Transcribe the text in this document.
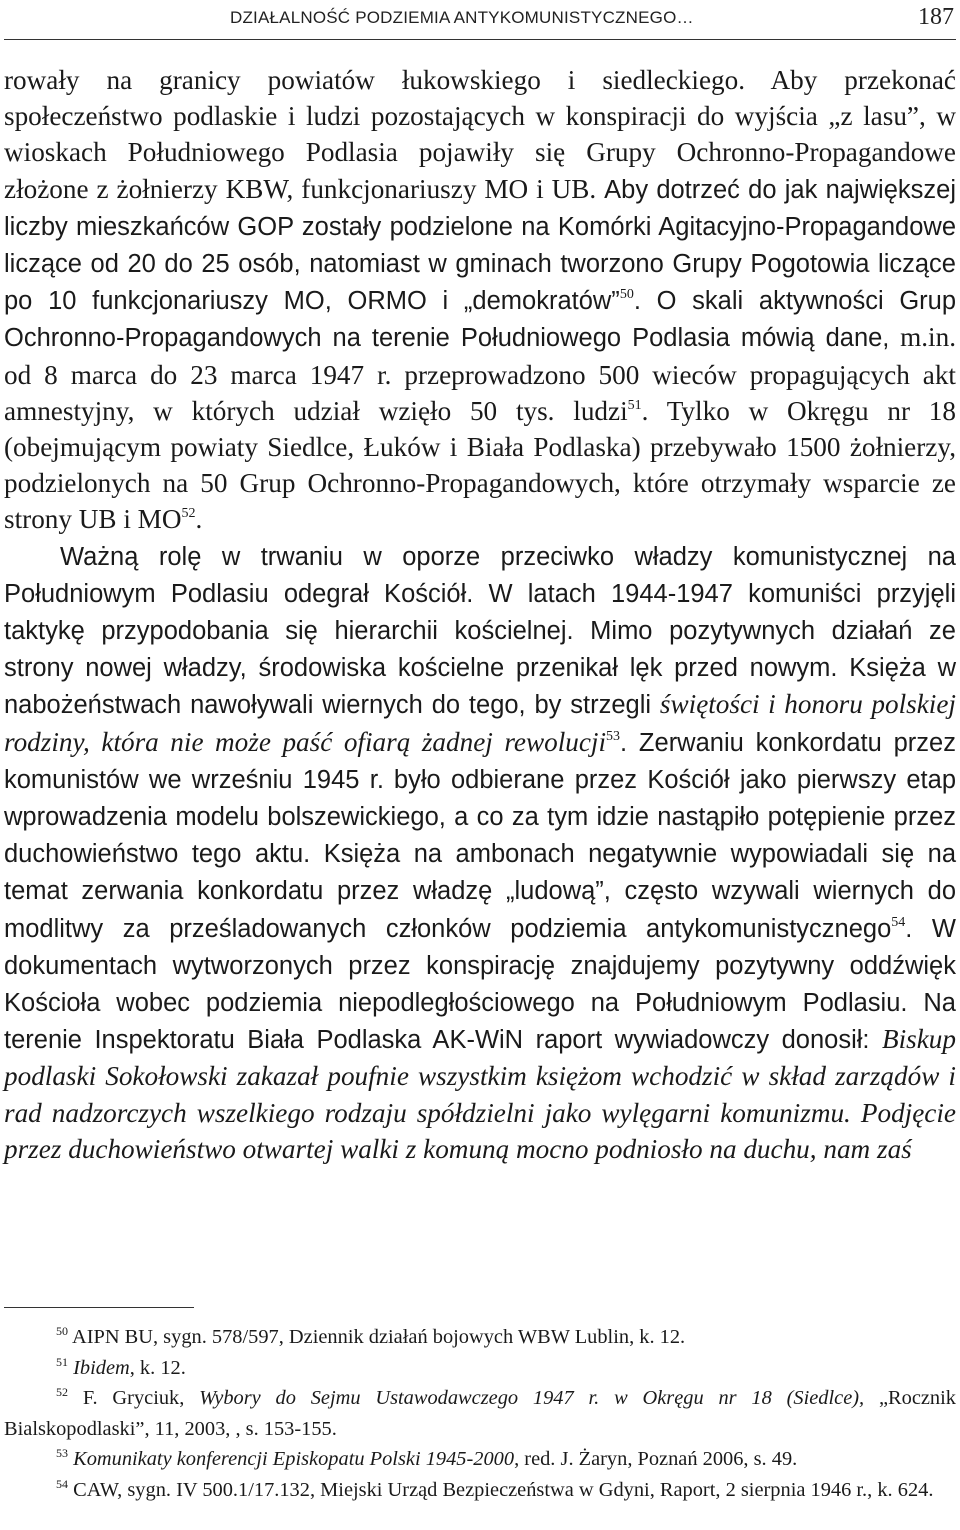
DZIAŁALNOŚĆ PODZIEMIA ANTYKOMUNISTYCZNEGO…	187

rowały na granicy powiatów łukowskiego i siedleckiego. Aby przekonać społeczeństwo podlaskie i ludzi pozostających w konspiracji do wyjścia „z lasu”, w wioskach Południowego Podlasia pojawiły się Grupy Ochronno-Propagandowe złożone z żołnierzy KBW, funkcjonariuszy MO i UB. Aby dotrzeć do jak największej liczby mieszkańców GOP zostały podzielone na Komórki Agitacyjno-Propagandowe liczące od 20 do 25 osób, natomiast w gminach tworzono Grupy Pogotowia liczące po 10 funkcjonariuszy MO, ORMO i „demokratów”$^{50}$. O skali aktywności Grup Ochronno-Propagandowych na terenie Południowego Podlasia mówią dane, m.in. od 8 marca do 23 marca 1947 r. przeprowadzono 500 wieców propagujących akt amnestyjny, w których udział wzięło 50 tys. ludzi$^{51}$. Tylko w Okręgu nr 18 (obejmującym powiaty Siedlce, Łuków i Biała Podlaska) przebywało 1500 żołnierzy, podzielonych na 50 Grup Ochronno-Propagandowych, które otrzymały wsparcie ze strony UB i MO$^{52}$.

Ważną rolę w trwaniu w oporze przeciwko władzy komunistycznej na Południowym Podlasiu odegrał Kościół. W latach 1944-1947 komuniści przyjęli taktykę przypodobania się hierarchii kościelnej. Mimo pozytywnych działań ze strony nowej władzy, środowiska kościelne przenikał lęk przed nowym. Księża w nabożeństwach nawoływali wiernych do tego, by strzegli świętości i honoru polskiej rodziny, która nie może paść ofiarą żadnej rewolucji$^{53}$. Zerwaniu konkordatu przez komunistów we wrześniu 1945 r. było odbierane przez Kościół jako pierwszy etap wprowadzenia modelu bolszewickiego, a co za tym idzie nastąpiło potępienie przez duchowieństwo tego aktu. Księża na ambonach negatywnie wypowiadali się na temat zerwania konkordatu przez władzę „ludową”, często wzywali wiernych do modlitwy za prześladowanych członków podziemia antykomunistycznego$^{54}$. W dokumentach wytworzonych przez konspirację znajdujemy pozytywny oddźwięk Kościoła wobec podziemia niepodległościowego na Południowym Podlasiu. Na terenie Inspektoratu Biała Podlaska AK-WiN raport wywiadowczy donosił: Biskup podlaski Sokołowski zakazał poufnie wszystkim księżom wchodzić w skład zarządów i rad nadzorczych wszelkiego rodzaju spółdzielni jako wylęgarni komunizmu. Podjęcie przez duchowieństwo otwartej walki z komuną mocno podniosło na duchu, nam zaś

$^{50}$ AIPN BU, sygn. 578/597, Dziennik działań bojowych WBW Lublin, k. 12.

$^{51}$ Ibidem, k. 12.

$^{52}$ F. Gryciuk, Wybory do Sejmu Ustawodawczego 1947 r. w Okręgu nr 18 (Siedlce), „Rocznik Bialskopodlaski”, 11, 2003, , s. 153-155.

$^{53}$ Komunikaty konferencji Episkopatu Polski 1945-2000, red. J. Żaryn, Poznań 2006, s. 49.

$^{54}$ CAW, sygn. IV 500.1/17.132, Miejski Urząd Bezpieczeństwa w Gdyni, Raport, 2 sierpnia 1946 r., k. 624.
